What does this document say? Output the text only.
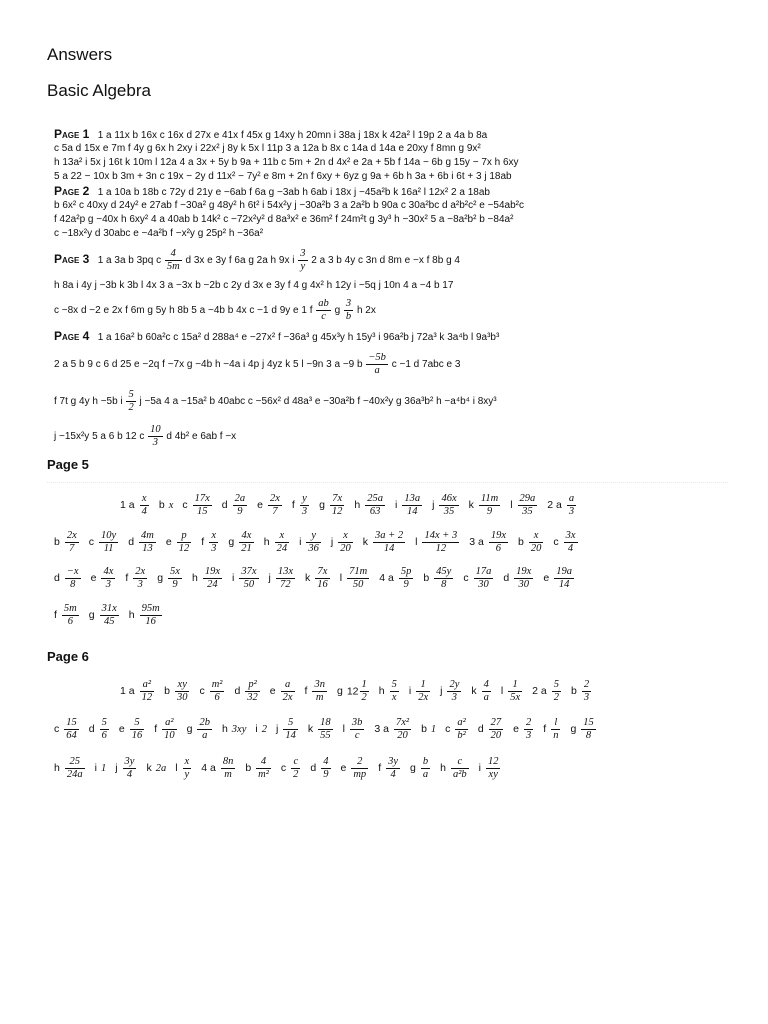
Answers
Basic Algebra
Page 1 1 a 11x b 16x c 16x d 27x e 41x f 45x g 14xy h 20mn i 38a j 18x k 42a² l 19p 2 a 4a b 8a
c 5a d 15x e 7m f 4y g 6x h 2xy i 22x² j 8y k 5x l 11p 3 a 12a b 8x c 14a d 14a e 20xy f 8mn g 9x²
h 13a² i 5x j 16t k 10m l 12a 4 a 3x + 5y b 9a + 11b c 5m + 2n d 4x² e 2a + 5b f 14a − 6b g 15y − 7x h 6xy
5 a 22 − 10x b 3m + 3n c 19x − 2y d 11x² − 7y² e 8m + 2n f 6xy + 6yz g 9a + 6b h 3a + 6b i 6t + 3 j 18ab
Page 2 1 a 10a b 18b c 72y d 21y e −6ab f 6a g −3ab h 6ab i 18x j −45a²b k 16a² l 12x² 2 a 18ab
b 6x² c 40xy d 24y² e 27ab f −30a² g 48y² h 6t² i 54x²y j −30a²b 3 a 2a²b b 90a c 30a²bc d a²b²c² e −54ab²c
f 42a²p g −40x h 6xy² 4 a 40ab b 14k² c −72x²y² d 8a³x² e 36m² f 24m²t g 3y³ h −30x² 5 a −8a²b² b −84a²
c −18x²y d 30abc e −4a²b f −x²y g 25p² h −36a²
Page 3 1 a 3a b 3pq c $\frac{4}{5m}$ d 3x e 3y f 6a g 2a h 9x i $\frac{3}{y} 2$ a 3 b 4y c 3n d 8m e −x f 8b g 4
h 8a i 4y j −3b k 3b l 4x 3 a −3x b −2b c 2y d 3x e 3y f 4 g 4x² h 12y i −5q j 10n 4 a −4 b 17
c −8x d −2 e 2x f 6m g 5y h 8b 5 a −4b b 4x c −1 d 9y e 1 f $\frac{ab}{c}$ g $\frac{3}{b}$ h 2x
Page 4 1 a 16a² b 60a²c c 15a² d 288a⁴ e −27x² f −36a³ g 45x³y h 15y³ i 96a²b j 72a³ k 3a⁴b l 9a³b³
2 a 5 b 9 c 6 d 25 e −2q f −7x g −4b h −4a i 4p j 4yz k 5 l −9n 3 a −9 b $\frac{-5b}{a}$ c −1 d 7abc e 3
f 7t g 4y h −5b i $\frac{5}{2}$ j −5a 4 a −15a² b 40abc c −56x² d 48a³ e −30a²b f −40x²y g 36a³b² h −a⁴b⁴ i 8xy³
j −15x²y 5 a 6 b 12 c $\frac{10}{3}$ d 4b² e 6ab f −x
Page 5
1 a $\frac{x}{4}$ b x c $\frac{17x}{15}$ d $\frac{2a}{9}$ e $\frac{2x}{7}$ f $\frac{y}{3}$ g $\frac{7x}{12}$ h $\frac{25a}{63}$ i $\frac{13a}{14}$ j $\frac{46x}{35}$ k $\frac{11m}{9}$ l $\frac{29a}{35} 2$ a $\frac{a}{3}$
b $\frac{2x}{7}$ c $\frac{10y}{11}$ d $\frac{4m}{13}$ e $\frac{p}{12}$ f $\frac{x}{3}$ g $\frac{4x}{21}$ h $\frac{x}{24}$ i $\frac{y}{36}$ j $\frac{x}{20}$ k $\frac{3a + 2}{14}$ l $\frac{14x + 3}{12} 3$ a $\frac{19x}{6}$ b $\frac{x}{20}$ c $\frac{3x}{4}$
d $\frac{-x}{8}$ e $\frac{4x}{3}$ f $\frac{2x}{3}$ g $\frac{5x}{9}$ h $\frac{19x}{24}$ i $\frac{37x}{50}$ j $\frac{13x}{72}$ k $\frac{7x}{16}$ l $\frac{71m}{50} 4$ a $\frac{5p}{9}$ b $\frac{45y}{8}$ c $\frac{17a}{30}$ d $\frac{19x}{30}$ e $\frac{19a}{14}$
f $\frac{5m}{6}$ g $\frac{31x}{45}$ h $\frac{95m}{16}$
Page 6
1 a $\frac{\text{a²}}{12}$ b $\frac{xy}{30}$ c $\frac{\text{m²}}{6}$ d $\frac{\text{p²}}{32}$ e $\frac{a}{2x}$ f $\frac{3n}{m}$ g $12 \frac{1}{2}$ h $\frac{5}{x}$ i $\frac{1}{2x}$ j $\frac{2y}{3}$ k $\frac{4}{a}$ l $\frac{1}{5x} 2$ a $\frac{5}{2}$ b $\frac{2}{3}$
c $\frac{15}{64}$ d $\frac{5}{6}$ e $\frac{5}{16}$ f $\frac{\text{a²}}{10}$ g $\frac{2b}{a}$ h 3xy i 2 j $\frac{5}{14}$ k $\frac{18}{55}$ l $\frac{3b}{c} 3$ a $\frac{\text{7x²}}{20}$ b 1 c $\frac{\text{a²}}{\text{b²}}$ d $\frac{27}{20}$ e $\frac{2}{3}$ f $\frac{l}{n}$ g $\frac{15}{8}$
h $\frac{25}{24a}$ i 1 j $\frac{3y}{4}$ k 2a l $\frac{x}{y} 4$ a $\frac{8n}{m}$ b $\frac{4}{\text{m²}}$ c $\frac{c}{2}$ d $\frac{4}{9}$ e $\frac{2}{mp}$ f $\frac{3y}{4}$ g $\frac{b}{a}$ h $\frac{c}{\text{a²b}}$ i $\frac{12}{xy}$
